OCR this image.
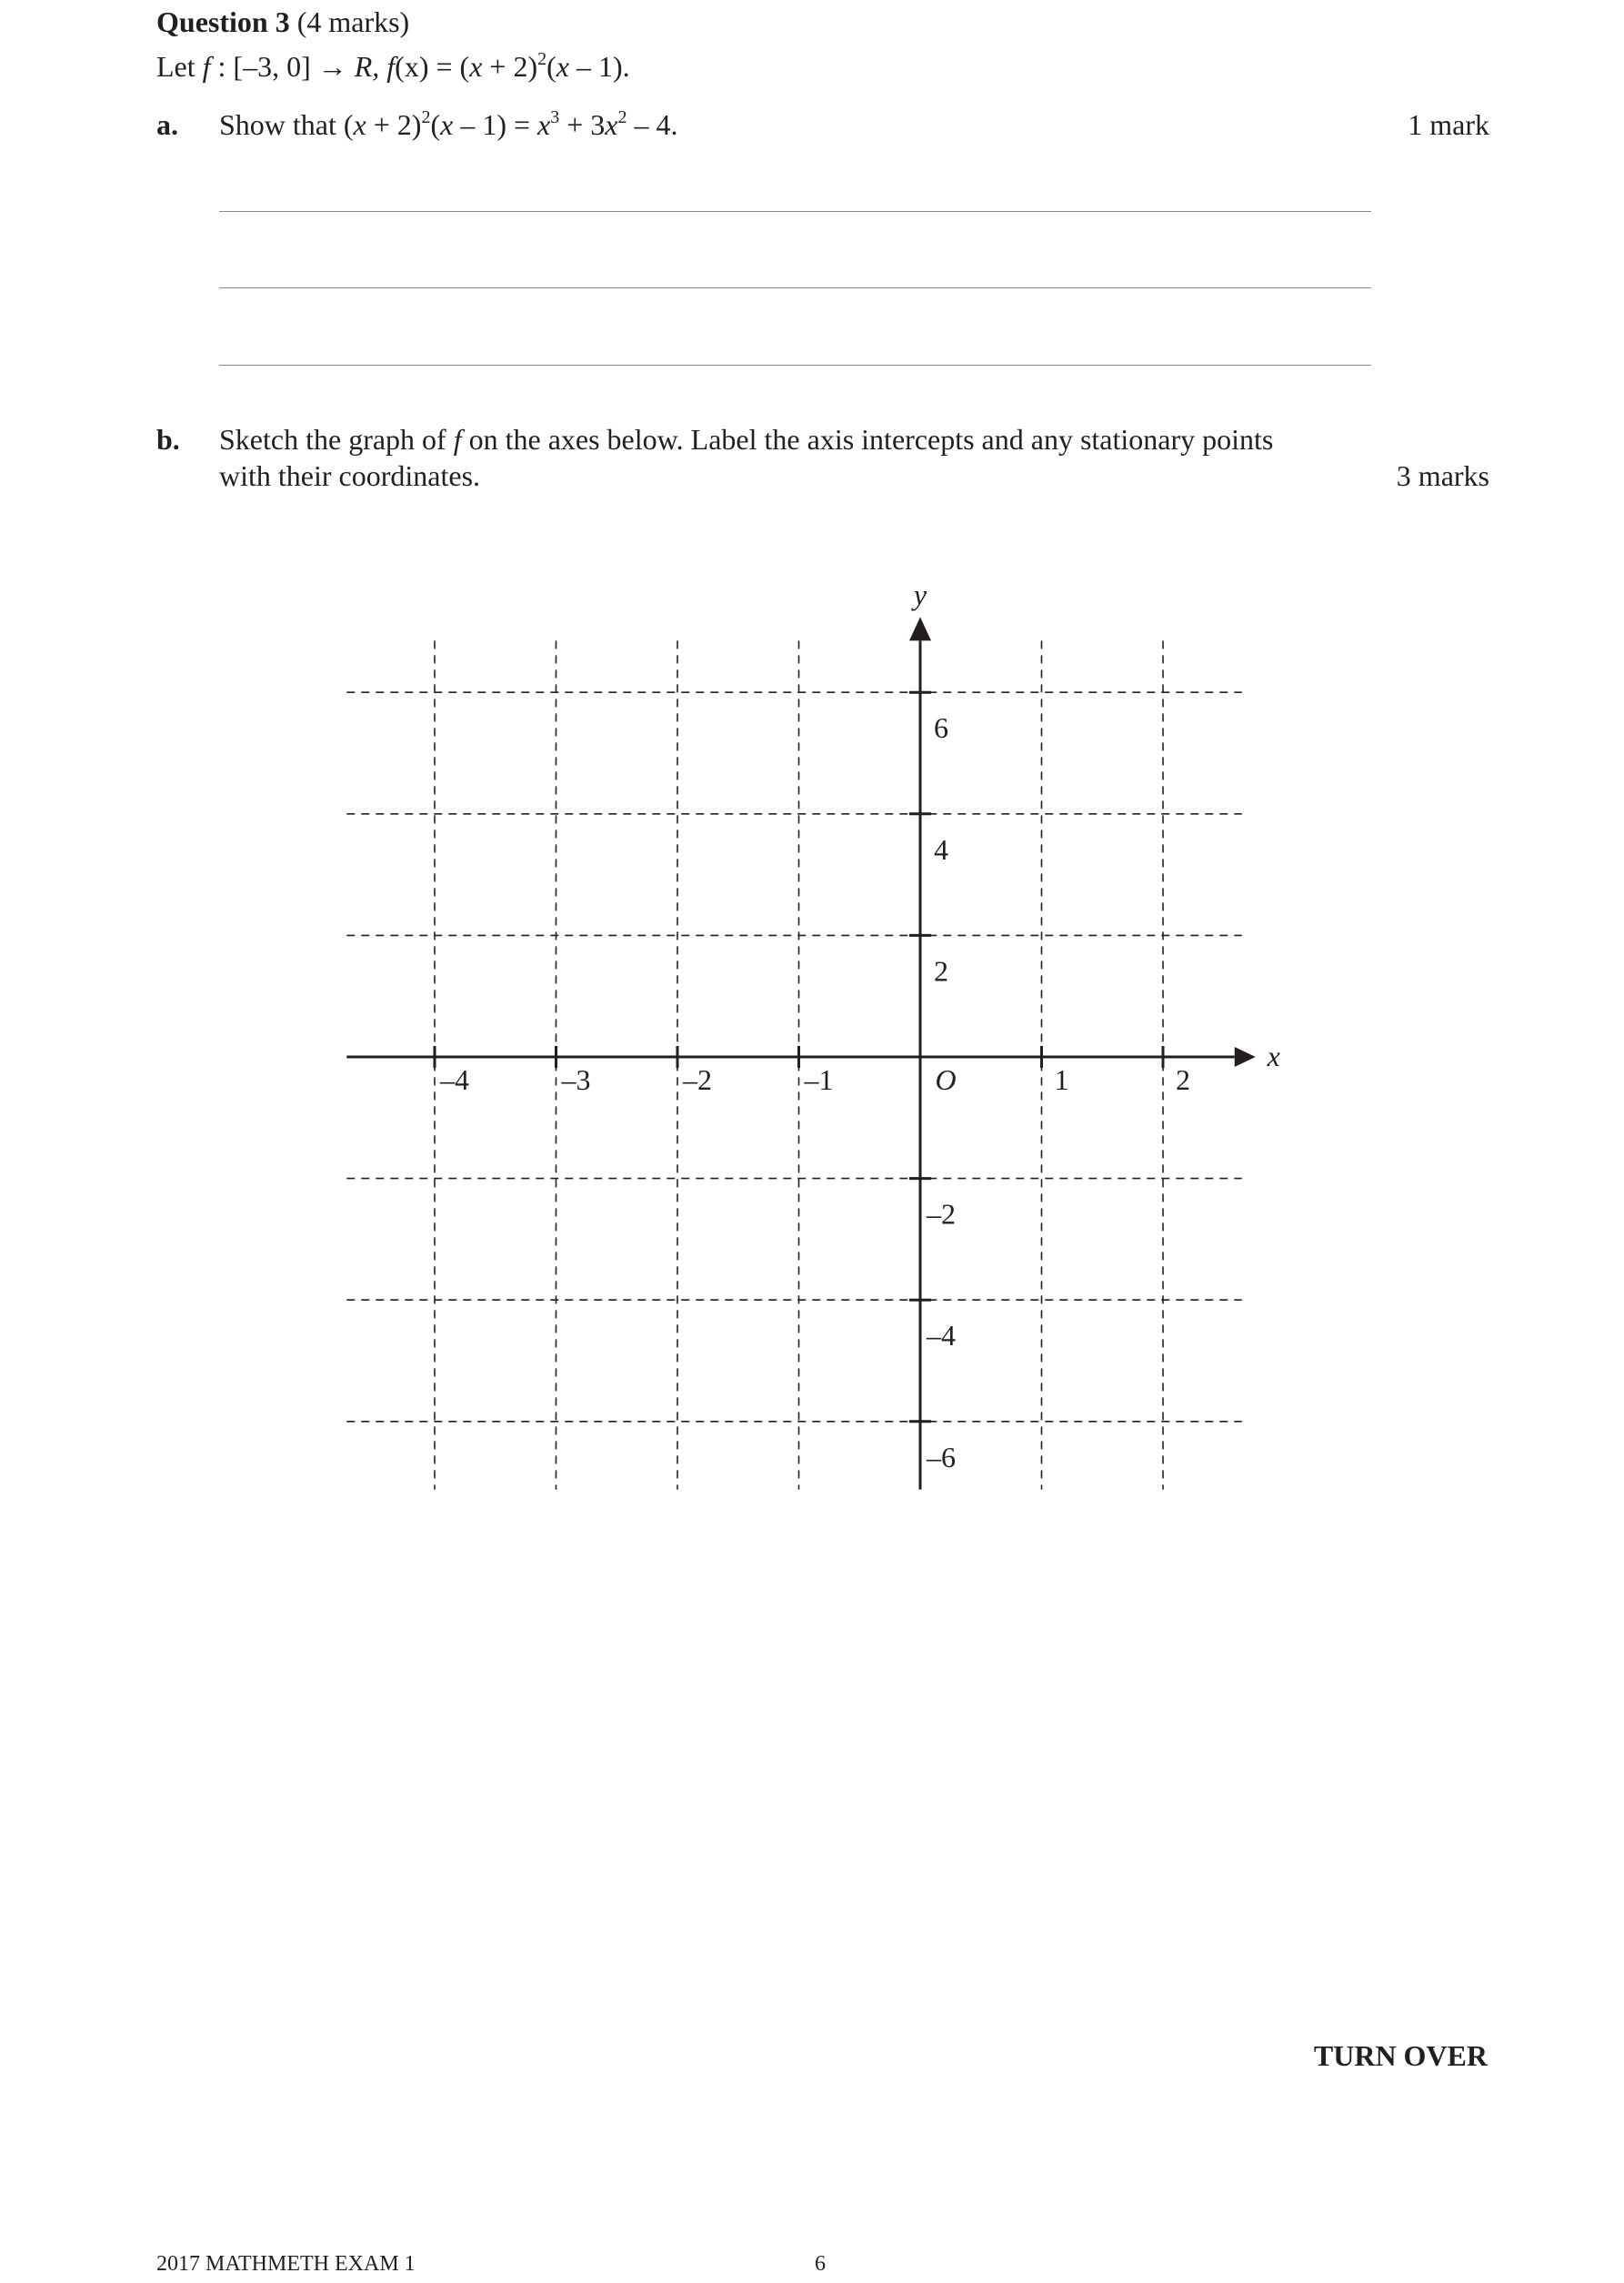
Question 3 (4 marks)
Let f : [–3, 0] → R, $f(x) = (x + 2)^2(x - 1)$.
a. Show that $(x + 2)^2(x - 1) = x^3 + 3x^2 - 4$.	1 mark
b. Sketch the graph of f on the axes below. Label the axis intercepts and any stationary points
with their coordinates.	3 marks
–4	–3	–2	–1	1	2
6
4
2
–2
–4
–6
O
x
y
TURN OVER
2017 MATHMETH EXAM 1	6
